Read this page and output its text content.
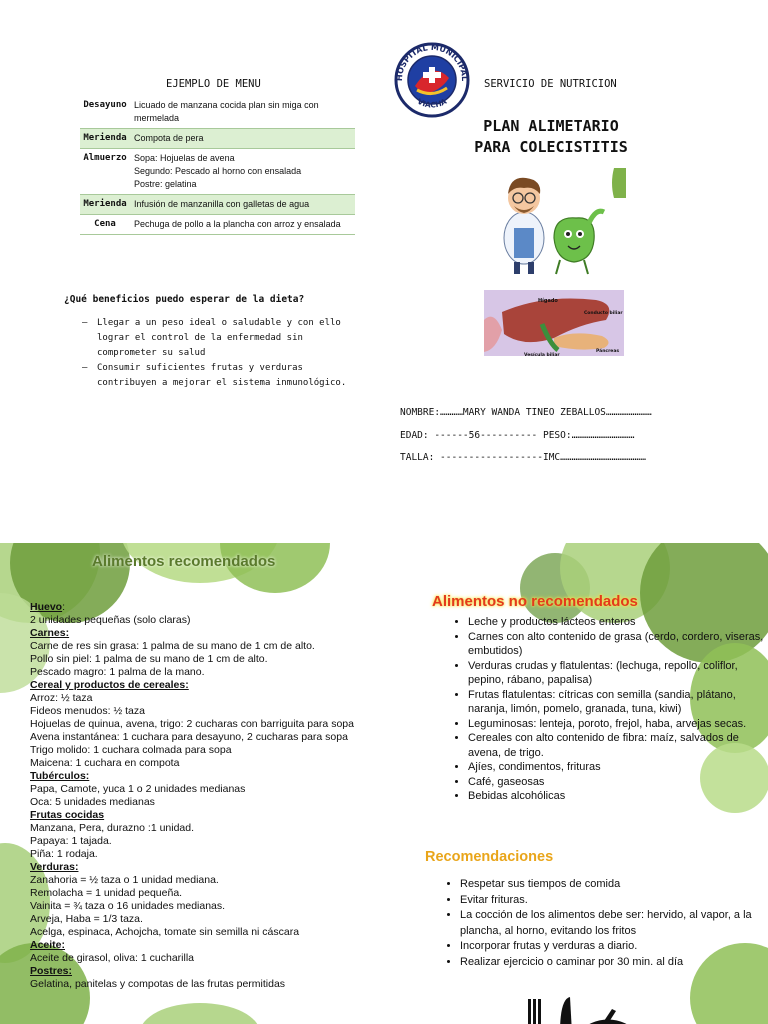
EJEMPLO DE MENU
Desayuno	Licuado de manzana cocida plan sin miga con mermelada
Merienda	Compota de pera
Almuerzo	Sopa: Hojuelas de avena
Segundo: Pescado al horno con ensalada
Postre: gelatina
Merienda	Infusión de manzanilla con galletas de agua
Cena	Pechuga de pollo a la plancha con arroz y ensalada
¿Qué beneficios puedo esperar de la dieta?
– Llegar a un peso ideal o saludable y con ello lograr el control de la enfermedad sin comprometer su salud
– Consumir suficientes frutas y verduras contribuyen a mejorar el sistema inmunológico.
HOSPITAL MUNICIPAL
VIACHA
SERVICIO DE NUTRICION
PLAN ALIMETARIO
PARA COLECISTITIS
Hígado
Conducto biliar
Páncreas
Vesícula biliar
NOMBRE:…………MARY WANDA TINEO ZEBALLOS……………………
EDAD: ------56---------- PESO:……………………………
TALLA: ------------------IMC………………………………………
Alimentos recomendados
Huevo:
2 unidades pequeñas (solo claras)
Carnes:
Carne de res sin grasa: 1 palma de su mano de 1 cm de alto.
Pollo sin piel: 1 palma de su mano de 1 cm de alto.
Pescado magro: 1 palma de la mano.
Cereal y productos de cereales:
Arroz: ½ taza
Fideos menudos: ½ taza
Hojuelas de quinua, avena, trigo: 2 cucharas con barriguita para sopa
Avena instantánea: 1 cuchara para desayuno, 2 cucharas para sopa
Trigo molido: 1 cuchara colmada para sopa
Maicena: 1 cuchara en compota
Tubérculos:
Papa, Camote, yuca 1 o 2 unidades medianas
Oca: 5 unidades medianas
Frutas cocidas
Manzana, Pera, durazno :1 unidad.
Papaya: 1 tajada.
Piña: 1 rodaja.
Verduras:
Zanahoria = ½ taza o 1 unidad mediana.
Remolacha = 1 unidad pequeña.
Vainita = ¾ taza o 16 unidades medianas.
Arveja, Haba = 1/3 taza.
Acelga, espinaca, Achojcha, tomate sin semilla ni cáscara
Aceite:
Aceite de girasol, oliva: 1 cucharilla
Postres:
Gelatina, panitelas y compotas de las frutas permitidas
Alimentos no recomendados
• Leche y productos lácteos enteros
• Carnes con alto contenido de grasa (cerdo, cordero, viseras, embutidos)
• Verduras crudas y flatulentas: (lechuga, repollo, coliflor, pepino, rábano, papalisa)
• Frutas flatulentas: cítricas con semilla (sandia, plátano, naranja, limón, pomelo, granada, tuna, kiwi)
• Leguminosas: lenteja, poroto, frejol, haba, arvejas secas.
• Cereales con alto contenido de fibra: maíz, salvados de avena, de trigo.
• Ajíes, condimentos, frituras
• Café, gaseosas
• Bebidas alcohólicas
Recomendaciones
• Respetar sus tiempos de comida
• Evitar frituras.
• La cocción de los alimentos debe ser: hervido, al vapor, a la plancha, al horno, evitando los fritos
• Incorporar frutas y verduras a diario.
• Realizar ejercicio o caminar por 30 min. al día
